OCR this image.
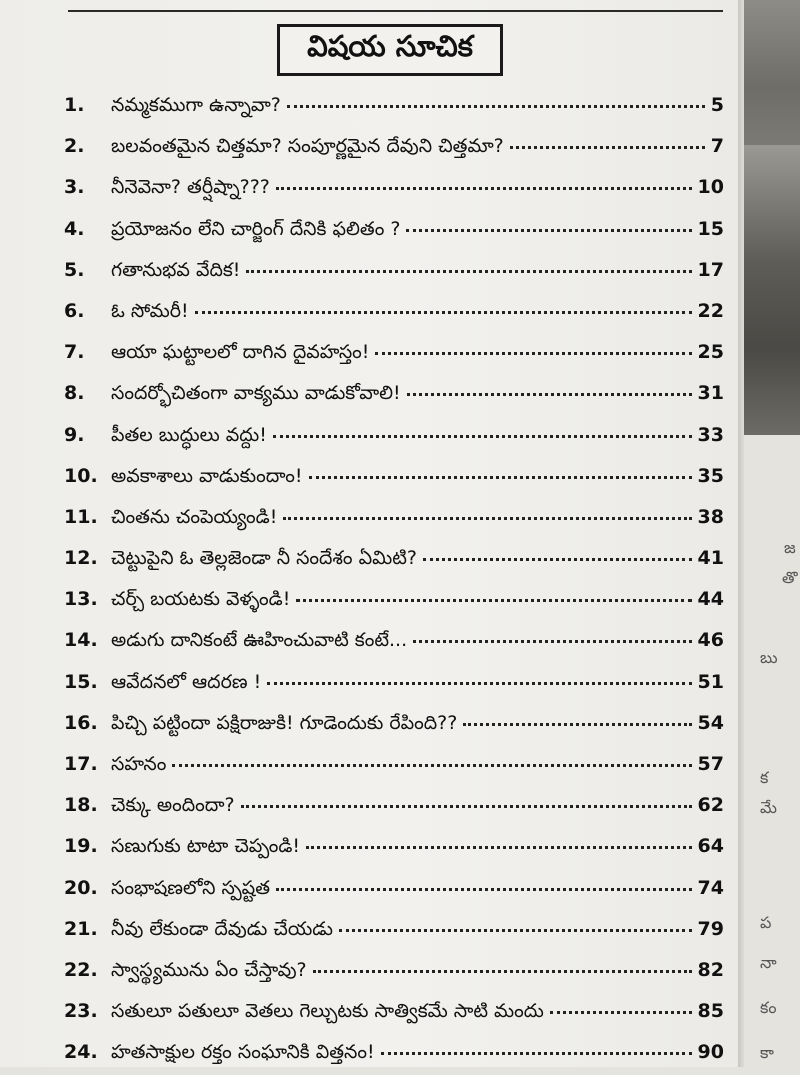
విషయ సూచిక
1.	నమ్మకముగా ఉన్నావా?	5
2.	బలవంతమైన చిత్తమా? సంపూర్ణమైన దేవుని చిత్తమా?	7
3.	నీనెవెనా? తర్షీష్నా???	10
4.	ప్రయోజనం లేని చార్జింగ్ దేనికి ఫలితం ?	15
5.	గతానుభవ వేదిక!	17
6.	ఓ సోమరీ!	22
7.	ఆయా ఘట్టాలలో దాగిన దైవహస్తం!	25
8.	సందర్భోచితంగా వాక్యము వాడుకోవాలి!	31
9.	పీతల బుద్ధులు వద్దు!	33
10. అవకాశాలు వాడుకుందాం!	35
11. చింతను చంపెయ్యండి!	38
12. చెట్టుపైని ఓ తెల్లజెండా నీ సందేశం ఏమిటి?	41
13. చర్చ్ బయటకు వెళ్ళండి!	44
14. అడుగు దానికంటే ఊహించువాటి కంటే...	46
15. ఆవేదనలో ఆదరణ !	51
16. పిచ్చి పట్టిందా పక్షిరాజుకి! గూడెందుకు రేపింది??	54
17. సహనం	57
18. చెక్కు అందిందా?	62
19. సణుగుకు టాటా చెప్పండి!	64
20. సంభాషణలోని స్పష్టత	74
21. నీవు లేకుండా దేవుడు చేయడు	79
22. స్వాస్థ్యమును ఏం చేస్తావు?	82
23. సతులూ పతులూ వెతలు గెల్చుటకు సాత్వికమే సాటి మందు	85
24. హతసాక్షుల రక్తం సంఘానికి విత్తనం!	90
జ
తొ
బు
క
మే
ప
నా
కం
కా
